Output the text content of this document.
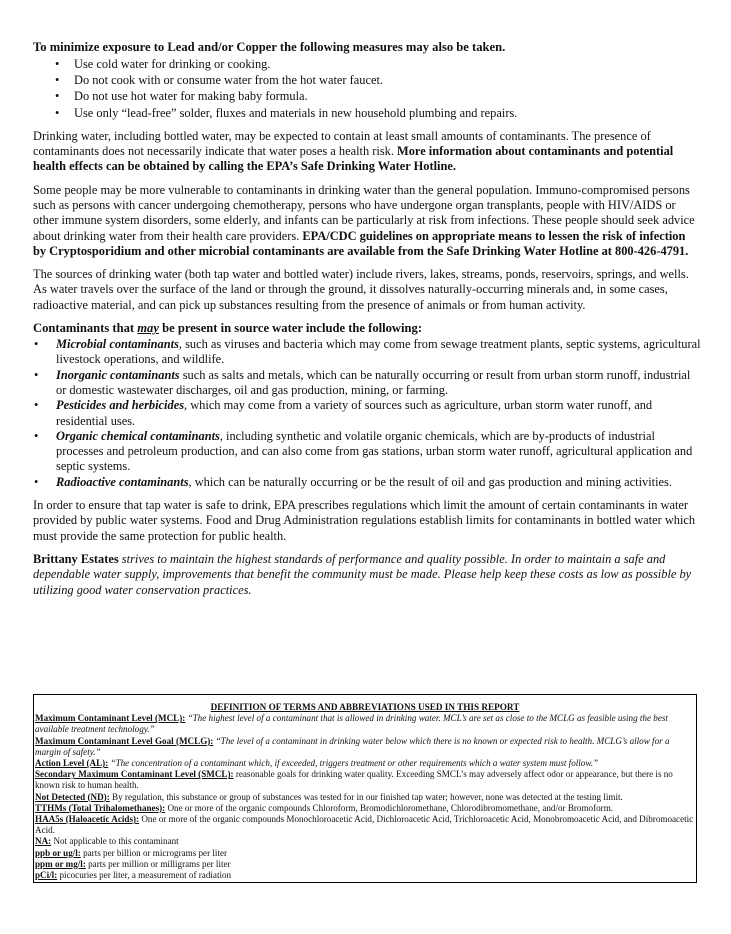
To minimize exposure to Lead and/or Copper the following measures may also be taken.

• Use cold water for drinking or cooking.
• Do not cook with or consume water from the hot water faucet.
• Do not use hot water for making baby formula.
• Use only “lead-free” solder, fluxes and materials in new household plumbing and repairs.

Drinking water, including bottled water, may be expected to contain at least small amounts of contaminants. The presence of contaminants does not necessarily indicate that water poses a health risk. More information about contaminants and potential health effects can be obtained by calling the EPA’s Safe Drinking Water Hotline.

Some people may be more vulnerable to contaminants in drinking water than the general population. Immuno-compromised persons such as persons with cancer undergoing chemotherapy, persons who have undergone organ transplants, people with HIV/AIDS or other immune system disorders, some elderly, and infants can be particularly at risk from infections. These people should seek advice about drinking water from their health care providers. EPA/CDC guidelines on appropriate means to lessen the risk of infection by Cryptosporidium and other microbial contaminants are available from the Safe Drinking Water Hotline at 800-426-4791.

The sources of drinking water (both tap water and bottled water) include rivers, lakes, streams, ponds, reservoirs, springs, and wells. As water travels over the surface of the land or through the ground, it dissolves naturally-occurring minerals and, in some cases, radioactive material, and can pick up substances resulting from the presence of animals or from human activity.

Contaminants that may be present in source water include the following:

• Microbial contaminants, such as viruses and bacteria which may come from sewage treatment plants, septic systems, agricultural livestock operations, and wildlife.
• Inorganic contaminants such as salts and metals, which can be naturally occurring or result from urban storm runoff, industrial or domestic wastewater discharges, oil and gas production, mining, or farming.
• Pesticides and herbicides, which may come from a variety of sources such as agriculture, urban storm water runoff, and residential uses.
• Organic chemical contaminants, including synthetic and volatile organic chemicals, which are by-products of industrial processes and petroleum production, and can also come from gas stations, urban storm water runoff, agricultural application and septic systems.
• Radioactive contaminants, which can be naturally occurring or be the result of oil and gas production and mining activities.

In order to ensure that tap water is safe to drink, EPA prescribes regulations which limit the amount of certain contaminants in water provided by public water systems. Food and Drug Administration regulations establish limits for contaminants in bottled water which must provide the same protection for public health.

Brittany Estates strives to maintain the highest standards of performance and quality possible. In order to maintain a safe and dependable water supply, improvements that benefit the community must be made. Please help keep these costs as low as possible by utilizing good water conservation practices.

DEFINITION OF TERMS AND ABBREVIATIONS USED IN THIS REPORT
Maximum Contaminant Level (MCL): “The highest level of a contaminant that is allowed in drinking water. MCL’s are set as close to the MCLG as feasible using the best available treatment technology.”
Maximum Contaminant Level Goal (MCLG): “The level of a contaminant in drinking water below which there is no known or expected risk to health. MCLG’s allow for a margin of safety.”
Action Level (AL): “The concentration of a contaminant which, if exceeded, triggers treatment or other requirements which a water system must follow.”
Secondary Maximum Contaminant Level (SMCL): reasonable goals for drinking water quality. Exceeding SMCL’s may adversely affect odor or appearance, but there is no known risk to human health.
Not Detected (ND): By regulation, this substance or group of substances was tested for in our finished tap water; however, none was detected at the testing limit.
TTHMs (Total Trihalomethanes): One or more of the organic compounds Chloroform, Bromodichloromethane, Chlorodibromomethane, and/or Bromoform.
HAA5s (Haloacetic Acids): One or more of the organic compounds Monochloroacetic Acid, Dichloroacetic Acid, Trichloroacetic Acid, Monobromoacetic Acid, and Dibromoacetic Acid.
NA: Not applicable to this contaminant
ppb or ug/l: parts per billion or micrograms per liter
ppm or mg/l: parts per million or milligrams per liter
pCi/l: picocuries per liter, a measurement of radiation
